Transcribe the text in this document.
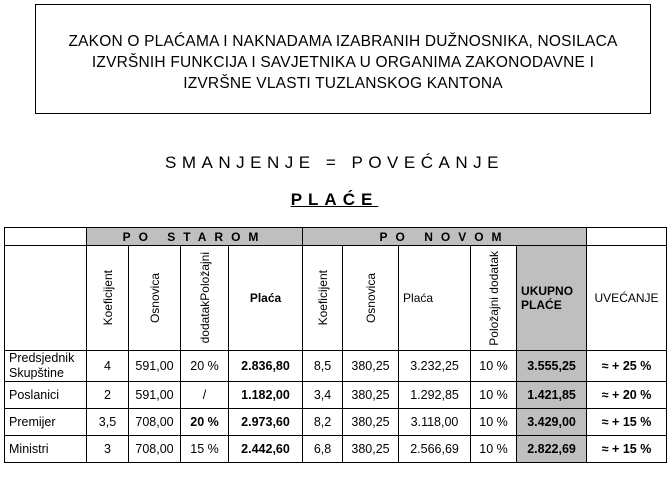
ZAKON O PLAĆAMA I NAKNADAMA IZABRANIH DUŽNOSNIKA, NOSILACA
IZVRŠNIH FUNKCIJA I SAVJETNIKA U ORGANIMA ZAKONODAVNE I
IZVRŠNE VLASTI TUZLANSKOG KANTONA
SMANJENJE = POVEĆANJE
PLAĆE
	PO STAROM				PO NOVOM					

	Koeficijent	Osnovica	dodatakPoložajni	Plaća	Koeficijent	Osnovica	Plaća	Položajni dodatak	UKUPNO PLAĆE	UVEĆANJE
Predsjednik Skupštine	4	591,00	20 %	2.836,80	8,5	380,25	3.232,25	10 %	3.555,25	≈ + 25 %
Poslanici	2	591,00	/	1.182,00	3,4	380,25	1.292,85	10 %	1.421,85	≈ + 20 %
Premijer	3,5	708,00	20 %	2.973,60	8,2	380,25	3.118,00	10 %	3.429,00	≈ + 15 %
Ministri	3	708,00	15 %	2.442,60	6,8	380,25	2.566,69	10 %	2.822,69	≈ + 15 %
